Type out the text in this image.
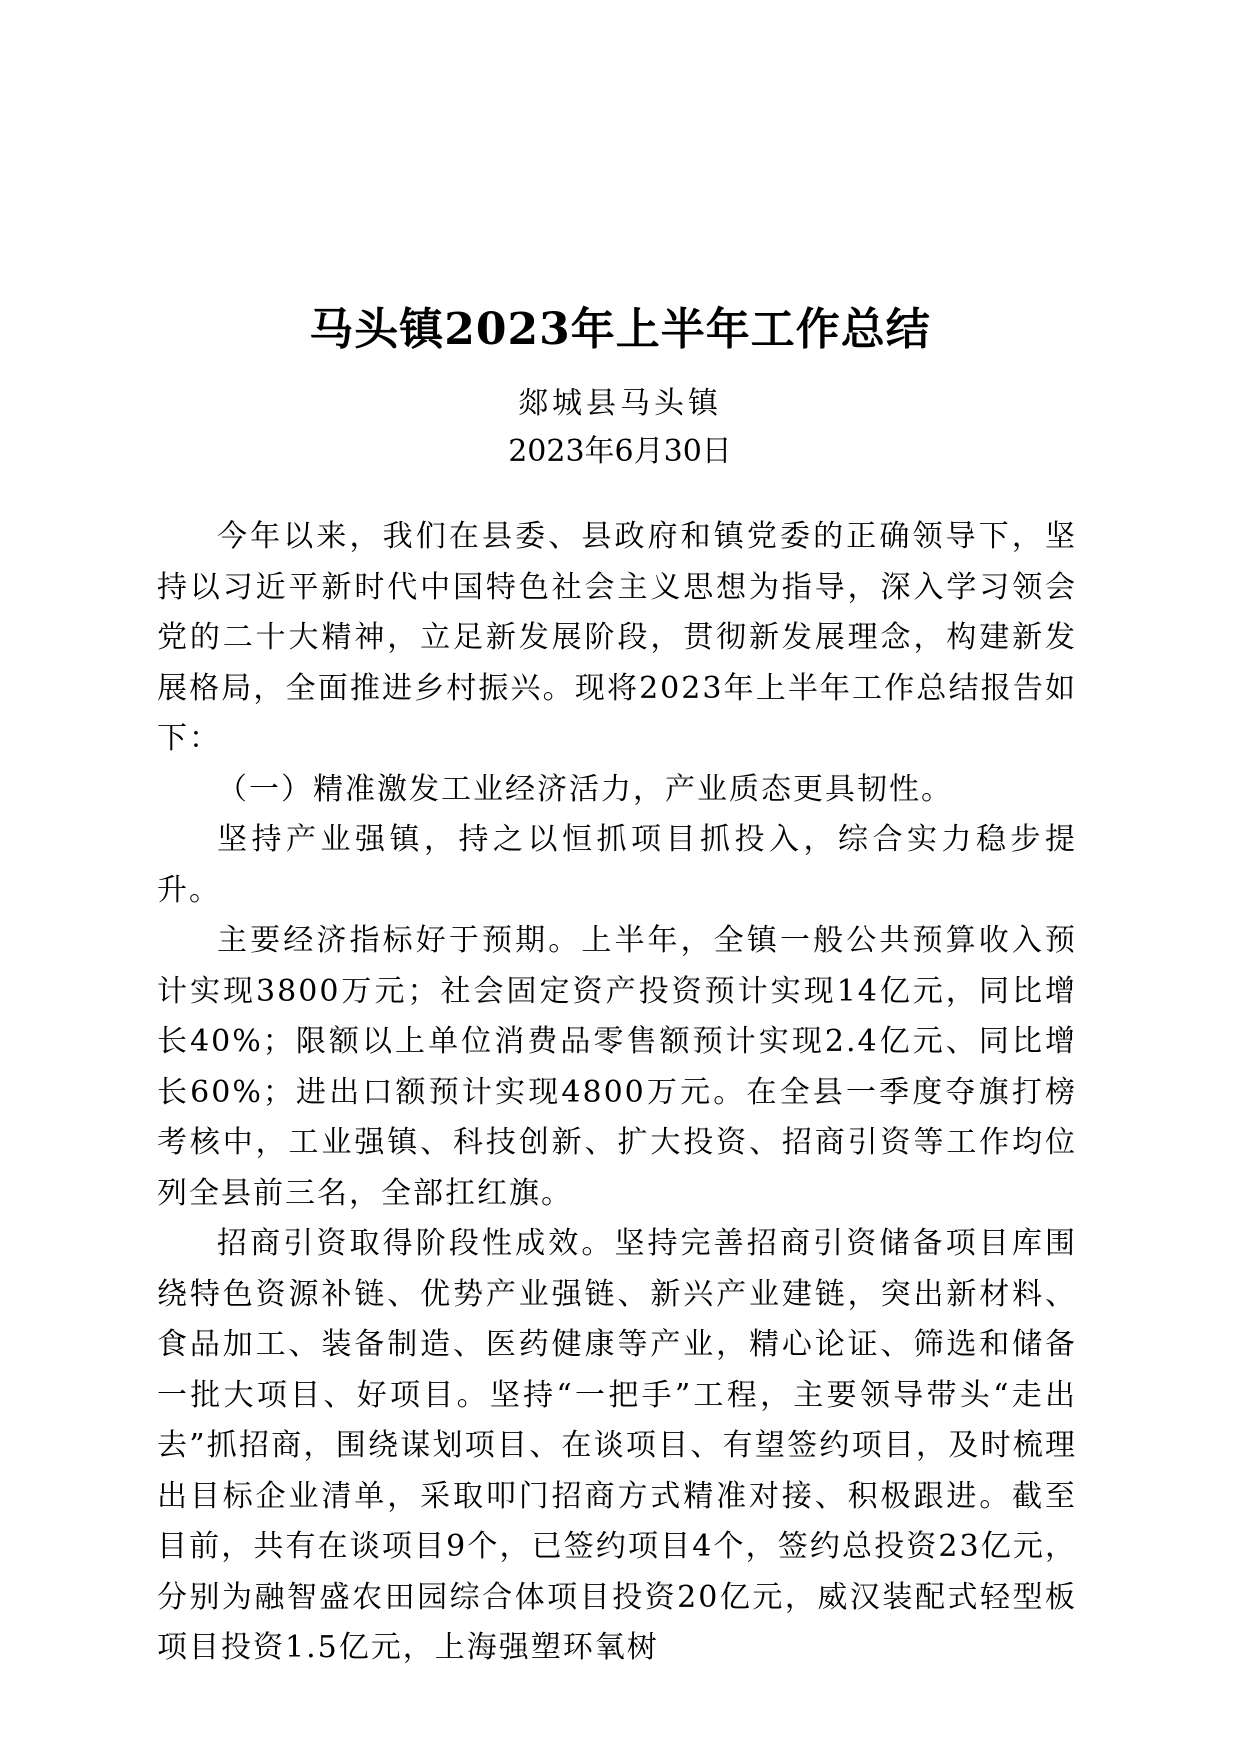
马头镇2023年上半年工作总结
郯城县马头镇
2023年6月30日

今年以来，我们在县委、县政府和镇党委的正确领导下，坚持以习近平新时代中国特色社会主义思想为指导，深入学习领会党的二十大精神，立足新发展阶段，贯彻新发展理念，构建新发展格局，全面推进乡村振兴。现将2023年上半年工作总结报告如下：

（一）精准激发工业经济活力，产业质态更具韧性。

坚持产业强镇，持之以恒抓项目抓投入，综合实力稳步提升。

主要经济指标好于预期。上半年，全镇一般公共预算收入预计实现3800万元；社会固定资产投资预计实现14亿元，同比增长40%；限额以上单位消费品零售额预计实现2.4亿元、同比增长60%；进出口额预计实现4800万元。在全县一季度夺旗打榜考核中，工业强镇、科技创新、扩大投资、招商引资等工作均位列全县前三名，全部扛红旗。

招商引资取得阶段性成效。坚持完善招商引资储备项目库围绕特色资源补链、优势产业强链、新兴产业建链，突出新材料、食品加工、装备制造、医药健康等产业，精心论证、筛选和储备一批大项目、好项目。坚持“一把手”工程，主要领导带头“走出去”抓招商，围绕谋划项目、在谈项目、有望签约项目，及时梳理出目标企业清单，采取叩门招商方式精准对接、积极跟进。截至目前，共有在谈项目9个，已签约项目4个，签约总投资23亿元，分别为融智盛农田园综合体项目投资20亿元，威汉装配式轻型板项目投资1.5亿元，上海强塑环氧树
